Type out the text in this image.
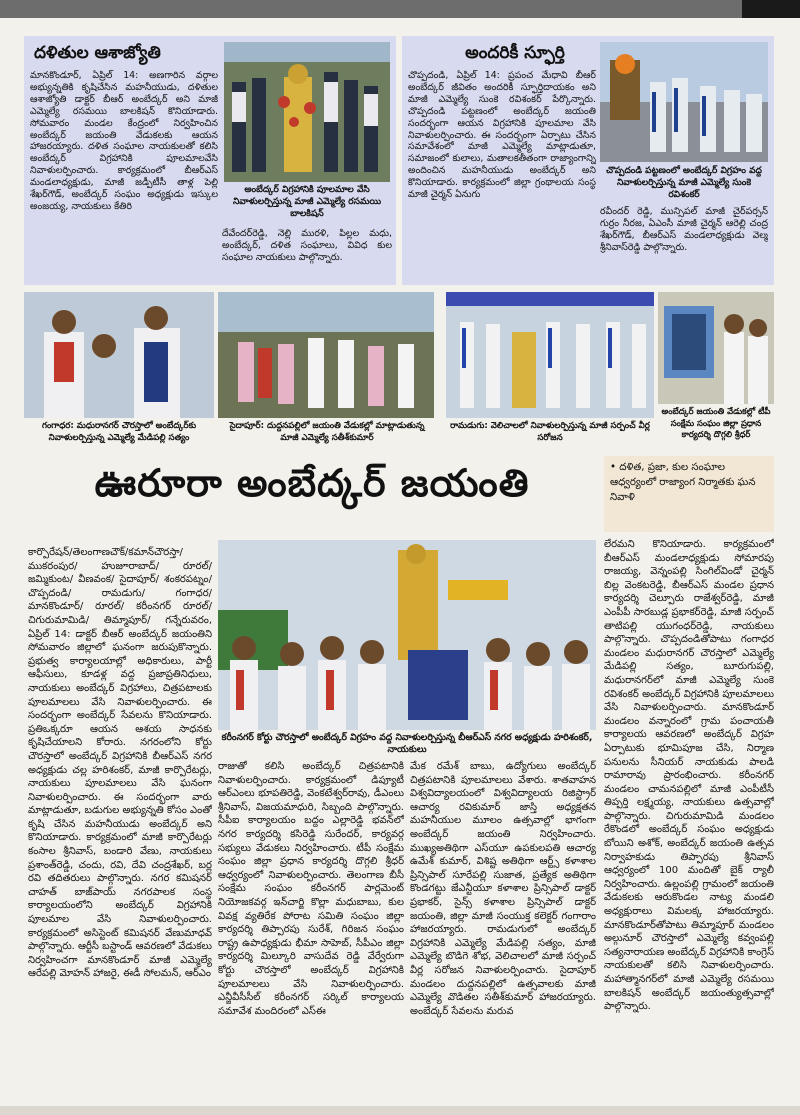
దళితుల ఆశాజ్యోతి
మానకొండూర్, ఏప్రిల్ 14: అణగారిన వర్గాల అభ్యున్నతికి కృషిచేసిన మహనీయుడు, దళితుల ఆశాజ్యోతి డాక్టర్ బీఆర్ అంబేద్కర్ అని మాజీ ఎమ్మెల్యే రసమయి బాలకిషన్ కొనియాడారు. సోమవారం మండల కేంద్రంలో నిర్వహించిన అంబేద్కర్ జయంతి వేడుకలకు ఆయన హాజరయ్యారు. దళిత సంఘాల నాయకులతో కలిసి అంబేద్కర్ విగ్రహానికి పూలమాలవేసి నివాళులర్పించారు. కార్యక్రమంలో బీఆర్ఎస్ మండలాధ్యక్షుడు, మాజీ జడ్పీటీసీ తాళ్ల పెల్లి శేఖర్‌గౌడ్, అంబేద్కర్ సంఘం అధ్యక్షుడు ఇస్కుల అంజయ్య, నాయకులు కేతిరి
అంబేద్కర్ విగ్రహానికి పూలమాల వేసి నివాళులర్పిస్తున్న మాజీ ఎమ్మెల్యే రసమయి బాలకిషన్
దేవేందర్‌రెడ్డి, నెల్లి మురళి, పిల్లల మధు, అంబేద్కర్, దళిత సంఘాలు, వివిధ కుల సంఘాల నాయకులు పాల్గొన్నారు.
అందరికీ స్ఫూర్తి
చొప్పదండి, ఏప్రిల్ 14: ప్రపంచ మేధావి బీఆర్ అంబేద్కర్ జీవితం అందరికీ స్ఫూర్తిదాయకం అని మాజీ ఎమ్మెల్యే సుంకె రవిశంకర్ పేర్కొన్నారు. చొప్పదండి పట్టణంలో అంబేద్కర్ జయంతి సందర్భంగా ఆయన విగ్రహానికి పూలమాల వేసి నివాళులర్పించారు. ఈ సందర్భంగా ఏర్పాటు చేసిన సమావేశంలో మాజీ ఎమ్మెల్యే మాట్లాడుతూ, సమాజంలో కులాలు, మతాలకతీతంగా రాజ్యాంగాన్ని అందించిన మహనీయుడు అంబేద్కర్ అని కొనియాడారు. కార్యక్రమంలో జిల్లా గ్రంథాలయ సంస్థ మాజీ చైర్మన్ ఏనుగు
చొప్పదండి పట్టణంలో అంబేద్కర్ విగ్రహం వద్ద నివాళులర్పిస్తున్న మాజీ ఎమ్మెల్యే సుంకె రవిశంకర్
రవీందర్ రెడ్డి, మున్సిపల్ మాజీ చైర్‌పర్సన్ గుర్రం నీరజ, ఏఎంసీ మాజీ చైర్మన్ ఆరెల్లి చంద్ర శేఖర్‌గౌడ్, బీఆర్ఎస్ మండలాధ్యక్షుడు వెల్మ శ్రీనివాస్‌రెడ్డి పాల్గొన్నారు.
గంగాధర: మధురానగర్ చౌరస్తాలో అంబేద్కర్‌కు నివాళులర్పిస్తున్న ఎమ్మెల్యే మేడిపల్లి సత్యం
సైదాపూర్: దుద్దనపల్లిలో జయంతి వేడుకల్లో మాట్లాడుతున్న మాజీ ఎమ్మెల్యే సతీశ్‌కుమార్
రామడుగు: వెలిచాలలో నివాళులర్పిస్తున్న మాజీ సర్పంచ్ వీర్ల సరోజన
అంబేద్కర్ జయంతి వేడుకల్లో టీపీ సంక్షేమ సంఘం జిల్లా ప్రధాన కార్యదర్శి దొగ్గలి శ్రీధర్
ఊరూరా అంబేద్కర్ జయంతి	• దళిత, ప్రజా, కుల సంఘాల ఆధ్వర్యంలో రాజ్యాంగ నిర్మాతకు ఘన నివాళి
కరీంనగర్ కోర్టు చౌరస్తాలో అంబేద్కర్ విగ్రహం వద్ద నివాళులర్పిస్తున్న బీఆర్ఎస్ నగర అధ్యక్షుడు హరిశంకర్, నాయకులు
కార్పొరేషన్/తెలంగాణచౌక్/కమాన్‌చౌరస్తా/ ముకరంపుర/ హుజూరాబాద్/ రూరల్/ జమ్మికుంట/ వీణవంక/ సైదాపూర్/ శంకరపట్నం/ చొప్పదండి/ రామడుగు/ గంగాధర/ మానకొండూర్/ రూరల్/ కరీంనగర్ రూరల్/ చిగురుమామిడి/ తిమ్మాపూర్/ గన్నేరువరం, ఏప్రిల్ 14: డాక్టర్ బీఆర్ అంబేద్కర్ జయంతిని సోమవారం జిల్లాలో ఘనంగా జరుపుకొన్నారు. ప్రభుత్వ కార్యాలయాల్లో అధికారులు, పార్టీ ఆఫీసులు, కూడళ్ల వద్ద ప్రజాప్రతినిధులు, నాయకులు అంబేద్కర్ విగ్రహాలు, చిత్రపటాలకు పూలమాలలు వేసి నివాళులర్పించారు. ఈ సందర్భంగా అంబేద్కర్ సేవలను కొనియాడారు. ప్రతిఒక్కరూ ఆయన ఆశయ సాధనకు కృషిచేయాలని కోరారు. నగరంలోని కోర్టు చౌరస్తాలో అంబేద్కర్ విగ్రహానికి బీఆర్ఎస్ నగర అధ్యక్షుడు చల్ల హరిశంకర్, మాజీ కార్పొరేటర్లు, నాయకులు పూలమాలలు వేసి ఘనంగా నివాళులర్పించారు. ఈ సందర్భంగా వారు మాట్లాడుతూ, బడుగుల అభ్యున్నతి కోసం ఎంతో కృషి చేసిన మహనీయుడు అంబేద్కర్ అని కొనియాడారు. కార్యక్రమంలో మాజీ కార్పొరేటర్లు కంసాల శ్రీనివాస్, బండారి వేణు, నాయకులు ప్రశాంత్‌రెడ్డి, చందు, రవి, దేవి చంద్రశేఖర్, బర్ల రవి తదితరులు పాల్గొన్నారు. నగర కమిషనర్ చాహత్ బాజ్‌పాయ్ నగరపాలక సంస్థ కార్యాలయంలోని అంబేద్కర్ విగ్రహానికి పూలమాల వేసి నివాళులర్పించారు. కార్యక్రమంలో అసిస్టెంట్ కమిషనర్ వేణుమాధవ్ పాల్గొన్నారు. ఆర్టీసీ బస్టాండ్ ఆవరణలో వేడుకలు నిర్వహించగా మానకొండూర్ మాజీ ఎమ్మెల్యే ఆరేపల్లి మోహన్ హాజరై, ఈడీ సోలమన్, ఆర్ఎం
రాజుతో కలిసి అంబేద్కర్ చిత్రపటానికి నివాళులర్పించారు. కార్యక్రమంలో డిప్యూటీ ఆర్ఎంలు భూపతిరెడ్డి, వెంకటేశ్వర్‌రావు, డీఎంలు శ్రీనివాస్, విజయమాధురి, సిబ్బంది పాల్గొన్నారు. సీపీఐ కార్యాలయం బద్దం ఎల్లారెడ్డి భవన్‌లో నగర కార్యదర్శి కసిరెడ్డి సురేందర్, కార్యవర్గ సభ్యులు వేడుకలు నిర్వహించారు. టీపీ సంక్షేమ సంఘం జిల్లా ప్రధాన కార్యదర్శి దొగ్గలి శ్రీధర్ ఆధ్వర్యంలో నివాళులర్పించారు. తెలంగాణ బీసీ సంక్షేమ సంఘం కరీంనగర్ పార్లమెంట్ నియోజకవర్గ ఇన్‌చార్జి కొల్లా మధుబాబు, కుల వివక్ష వ్యతిరేక పోరాట సమితి సంఘం జిల్లా కార్యదర్శి తిప్పారపు సురేశ్, గిరిజన సంఘం రాష్ట్ర ఉపాధ్యక్షుడు భీమా సాహెబ్, సీపీఎం జిల్లా కార్యదర్శి మిల్కూరి వాసుదేవ రెడ్డి వేర్వేరుగా కోర్టు చౌరస్తాలో అంబేద్కర్ విగ్రహానికి పూలమాలలు వేసి నివాళులర్పించారు. ఎన్జీవీసీసీల్ కరీంనగర్ సర్కిల్ కార్యాలయ సమావేశ మందిరంలో ఎస్ఈ
మేక రమేశ్ బాబు, ఉద్యోగులు అంబేద్కర్ చిత్రపటానికి పూలమాలలు వేశారు. శాతవాహన విశ్వవిద్యాలయంలో విశ్వవిద్యాలయ రిజిస్ట్రార్ ఆచార్య రవికుమార్ జాస్తి అధ్యక్షతన మహనీయుల మూలం ఉత్సవాల్లో భాగంగా అంబేద్కర్ జయంతి నిర్వహించారు. ముఖ్యఅతిథిగా ఎస్‌యూ ఉపకులపతి ఆచార్య ఉమేశ్ కుమార్, విశిష్ట అతిథిగా ఆర్ట్స్ కళాశాల ప్రిన్సిపాల్ సూరేపల్లి సుజాత, ప్రత్యేక అతిథిగా కొండగట్టు జేఎన్టీయూ కళాశాల ప్రిన్సిపాల్ డాక్టర్ ప్రభాకర్, సైన్స్ కళాశాల ప్రిన్సిపాల్ డాక్టర్ జయంతి, జిల్లా మాజీ సంయుక్త కలెక్టర్ గంగారాం హాజరయ్యారు. రామడుగులో అంబేద్కర్ విగ్రహానికి ఎమ్మెల్యే మేడిపల్లి సత్యం, మాజీ ఎమ్మెల్యే బొడిగె శోభ, వెలిచాలలో మాజీ సర్పంచ్ వీర్ల సరోజన నివాళులర్పించారు. సైదాపూర్ మండలం దుద్దనపల్లిలో ఉత్సవాలకు మాజీ ఎమ్మెల్యే వొడితల సతీశ్‌కుమార్ హాజరయ్యారు. అంబేద్కర్ సేవలను మరువ
లేరమని కొనియాడారు. కార్యక్రమంలో బీఆర్ఎస్ మండలాధ్యక్షుడు సోమారపు రాజయ్య, వెన్నంపల్లి సింగిల్‌విండో చైర్మన్ బిల్ల వెంకటరెడ్డి, బీఆర్ఎస్ మండల ప్రధాన కార్యదర్శి చెల్పూరు రాజేశ్వర్‌రెడ్డి, మాజీ ఎంపీపీ సారబుడ్ల ప్రభాకర్‌రెడ్డి, మాజీ సర్పంచ్ తాటిపల్లి యుగంధర్‌రెడ్డి, నాయకులు పాల్గొన్నారు. చొప్పదండితోపాటు గంగాధర మండలం మధురానగర్ చౌరస్తాలో ఎమ్మెల్యే మేడిపల్లి సత్యం, బూరుగుపల్లి, మధురానగర్‌లో మాజీ ఎమ్మెల్యే సుంకె రవిశంకర్ అంబేద్కర్ విగ్రహానికి పూలమాలలు వేసి నివాళులర్పించారు. మానకొండూర్ మండలం వన్నారంలో గ్రామ పంచాయతీ కార్యాలయ ఆవరణలో అంబేద్కర్ విగ్రహ ఏర్పాటుకు భూమిపూజ చేసి, నిర్మాణ పనులను సీనియర్ నాయకుడు పాలడి రామారావు ప్రారంభించారు. కరీంనగర్ మండలం చామనపల్లిలో మాజీ ఎంపీటీసీ తిప్పర్తి లక్ష్మయ్య, నాయకులు ఉత్సవాల్లో పాల్గొన్నారు. చిగురుమామిడి మండలం రేకొండలో అంబేద్కర్ సంఘం అధ్యక్షుడు బోయిని అశోక్, అంబేద్కర్ జయంతి ఉత్సవ నిర్వాహకుడు తిప్పారపు శ్రీనివాస్ ఆధ్వర్యంలో 100 మందితో బైక్ ర్యాలీ నిర్వహించారు. ఉల్లంపల్లి గ్రామంలో జయంతి వేడుకలకు ఆరుకొండల నాట్య మండలి అధ్యక్షురాలు విమలక్క హాజరయ్యారు. మానకొండూర్‌తోపాటు తిమ్మాపూర్ మండలం అల్గునూర్ చౌరస్తాలో ఎమ్మెల్యే కవ్వంపల్లి సత్యనారాయణ అంబేద్కర్ విగ్రహానికి కాంగ్రెస్ నాయకులతో కలిసి నివాళులర్పించారు. మహాత్మానగర్‌లో మాజీ ఎమ్మెల్యే రసమయి బాలకిషన్ అంబేద్కర్ జయంత్యుత్సవాల్లో పాల్గొన్నారు.
